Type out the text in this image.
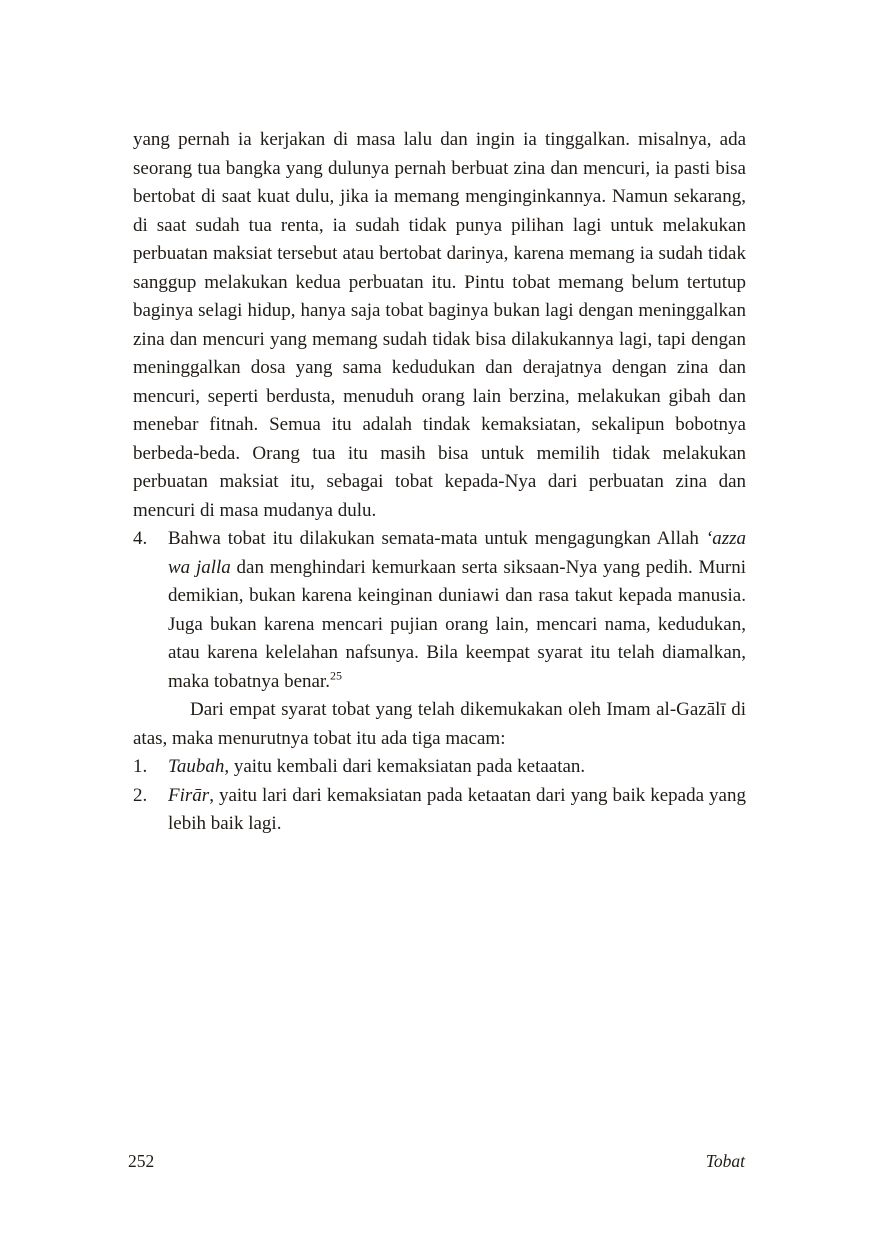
yang pernah ia kerjakan di masa lalu dan ingin ia tinggalkan. misalnya, ada seorang tua bangka yang dulunya pernah berbuat zina dan mencuri, ia pasti bisa bertobat di saat kuat dulu, jika ia memang menginginkannya. Namun sekarang, di saat sudah tua renta, ia sudah tidak punya pilihan lagi untuk melakukan perbuatan maksiat tersebut atau bertobat darinya, karena memang ia sudah tidak sanggup melakukan kedua perbuatan itu. Pintu tobat memang belum tertutup baginya selagi hidup, hanya saja tobat baginya bukan lagi dengan meninggalkan zina dan mencuri yang memang sudah tidak bisa dilakukannya lagi, tapi dengan meninggalkan dosa yang sama kedudukan dan derajatnya dengan zina dan mencuri, seperti berdusta, menuduh orang lain berzina, melakukan gibah dan menebar fitnah. Semua itu adalah tindak kemaksiatan, sekalipun bobotnya berbeda-beda. Orang tua itu masih bisa untuk memilih tidak melakukan perbuatan maksiat itu, sebagai tobat kepada-Nya dari perbuatan zina dan mencuri di masa mudanya dulu.

4. Bahwa tobat itu dilakukan semata-mata untuk mengagungkan Allah ‘azza wa jalla dan menghindari kemurkaan serta siksaan-Nya yang pedih. Murni demikian, bukan karena keinginan duniawi dan rasa takut kepada manusia. Juga bukan karena mencari pujian orang lain, mencari nama, kedudukan, atau karena kelelahan nafsunya. Bila keempat syarat itu telah diamalkan, maka tobatnya benar.$^{25}$

Dari empat syarat tobat yang telah dikemukakan oleh Imam al-Gazālī di atas, maka menurutnya tobat itu ada tiga macam:

1. Taubah, yaitu kembali dari kemaksiatan pada ketaatan.

2. Firār, yaitu lari dari kemaksiatan pada ketaatan dari yang baik kepada yang lebih baik lagi.

252	Tobat
